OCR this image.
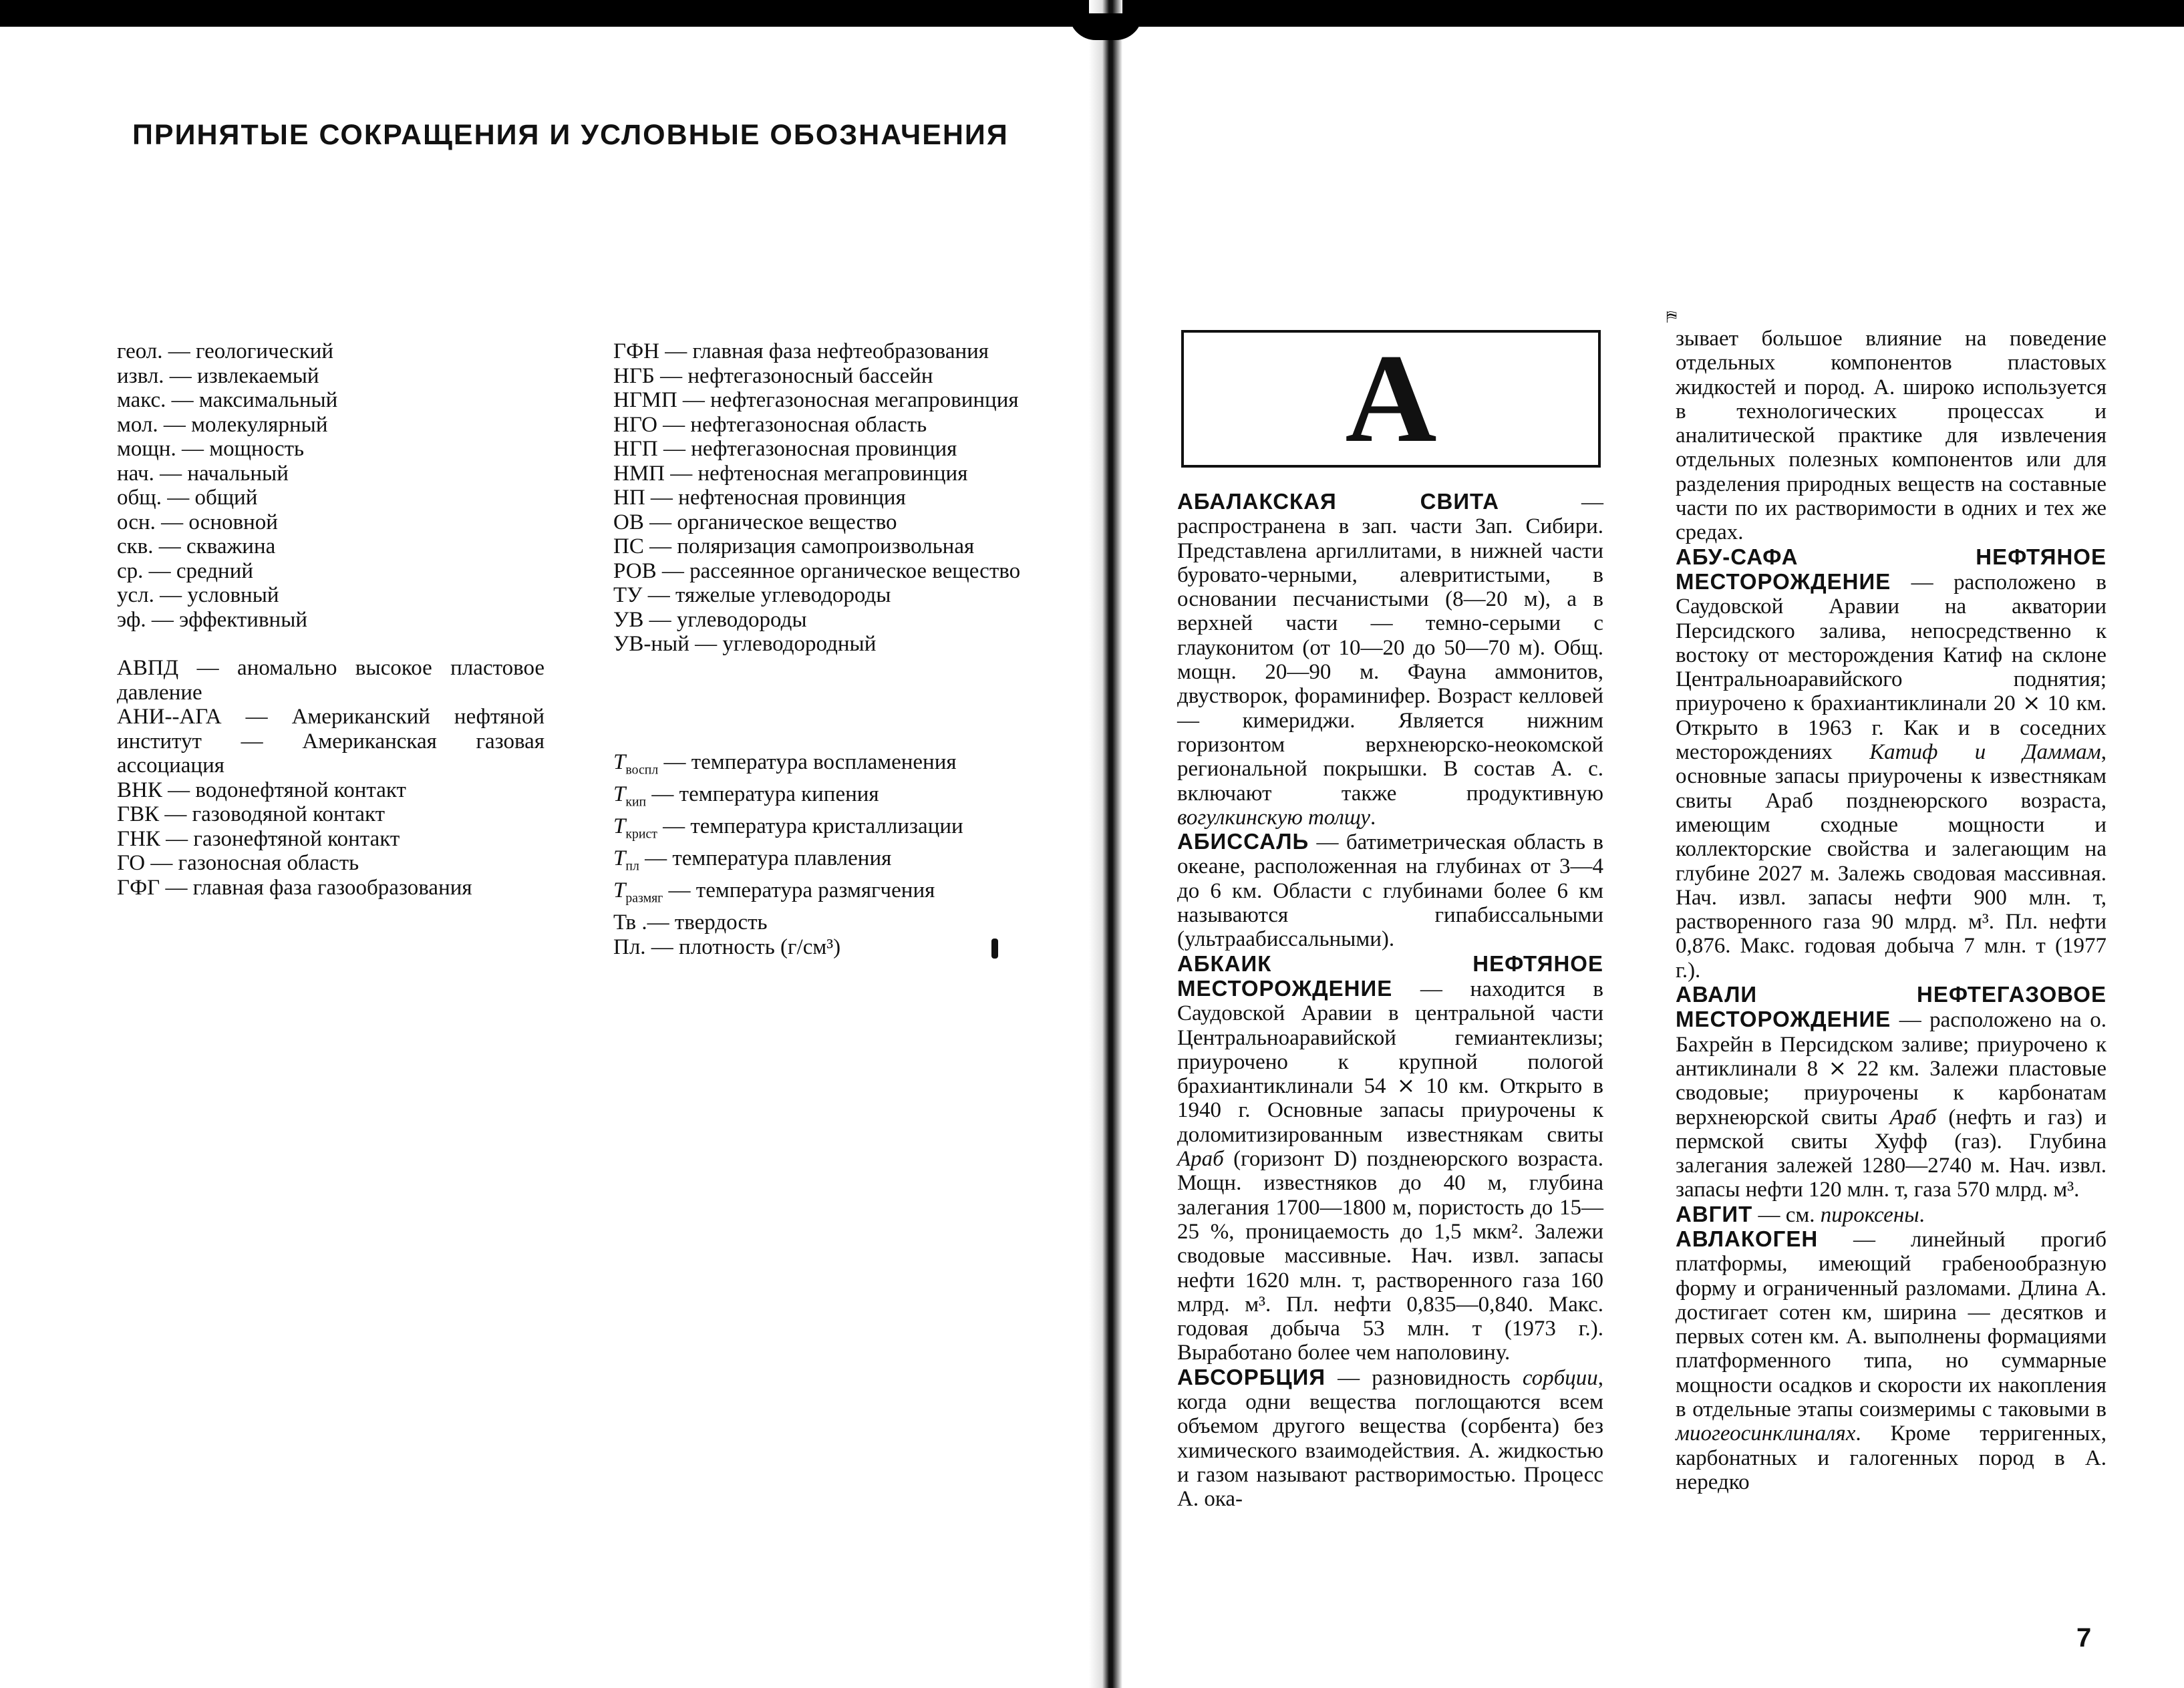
ПРИНЯТЫЕ СОКРАЩЕНИЯ И УСЛОВНЫЕ ОБОЗНАЧЕНИЯ
геол. — геологический
извл. — извлекаемый
макс. — максимальный
мол. — молекулярный
мощн. — мощность
нач. — начальный
общ. — общий
осн. — основной
скв. — скважина
ср. — средний
усл. — условный
эф. — эффективный
АВПД — аномально высокое пластовое давление
АНИ--АГА — Американский нефтяной институт — Американская газовая ассоциация
ВНК — водонефтяной контакт
ГВК — газоводяной контакт
ГНК — газонефтяной контакт
ГО — газоносная область
ГФГ — главная фаза газообразования
ГФН — главная фаза нефтеобразования
НГБ — нефтегазоносный бассейн
НГМП — нефтегазоносная мегапровинция
НГО — нефтегазоносная область
НГП — нефтегазоносная провинция
НМП — нефтеносная мегапровинция
НП — нефтеносная провинция
ОВ — органическое вещество
ПС — поляризация самопроизвольная
РОВ — рассеянное органическое вещество
ТУ — тяжелые углеводороды
УВ — углеводороды
УВ-ный — углеводородный
$T_{воспл}$ — температура воспламенения
$T_{кип}$ — температура кипения
$T_{крист}$ — температура кристаллизации
$T_{пл}$ — температура плавления
$T_{размяг}$ — температура размягчения
Тв .— твердость
Пл. — плотность (г/см³)
А
⛿

АБАЛАКСКАЯ СВИТА — распространена в зап. части Зап. Сибири. Представлена аргиллитами, в нижней части буровато-черными, алевритистыми, в основании песчанистыми (8—20 м), а в верхней части — темно-серыми с глауконитом (от 10—20 до 50—70 м). Общ. мощн. 20—90 м. Фауна аммонитов, двустворок, фораминифер. Возраст келловей — кимериджи. Является нижним горизонтом верхнеюрско-неокомской региональной покрышки. В состав А. с. включают также продуктивную вогулкинскую толщу.

АБИССАЛЬ — батиметрическая область в океане, расположенная на глубинах от 3—4 до 6 км. Области с глубинами более 6 км называются гипабиссальными (ультраабиссальными).

АБКАИК НЕФТЯНОЕ МЕСТОРОЖДЕНИЕ — находится в Саудовской Аравии в центральной части Центральноаравийской гемиантеклизы; приурочено к крупной пологой брахиантиклинали 54 ⨯ 10 км. Открыто в 1940 г. Основные запасы приурочены к доломитизированным известнякам свиты Араб (горизонт D) позднеюрского возраста. Мощн. известняков до 40 м, глубина залегания 1700—1800 м, пористость до 15—25 %, проницаемость до 1,5 мкм². Залежи сводовые массивные. Нач. извл. запасы нефти 1620 млн. т, растворенного газа 160 млрд. м³. Пл. нефти 0,835—0,840. Макс. годовая добыча 53 млн. т (1973 г.). Выработано более чем наполовину.

АБСОРБЦИЯ — разновидность сорбции, когда одни вещества поглощаются всем объемом другого вещества (сорбента) без химического взаимодействия. А. жидкостью и газом называют растворимостью. Процесс А. ока-

зывает большое влияние на поведение отдельных компонентов пластовых жидкостей и пород. А. широко используется в технологических процессах и аналитической практике для извлечения отдельных полезных компонентов или для разделения природных веществ на составные части по их растворимости в одних и тех же средах.

АБУ-САФА НЕФТЯНОЕ МЕСТОРОЖДЕНИЕ — расположено в Саудовской Аравии на акватории Персидского залива, непосредственно к востоку от месторождения Катиф на склоне Центральноаравийского поднятия; приурочено к брахиантиклинали 20 ⨯ 10 км. Открыто в 1963 г. Как и в соседних месторождениях Катиф и Даммам, основные запасы приурочены к известнякам свиты Араб позднеюрского возраста, имеющим сходные мощности и коллекторские свойства и залегающим на глубине 2027 м. Залежь сводовая массивная. Нач. извл. запасы нефти 900 млн. т, растворенного газа 90 млрд. м³. Пл. нефти 0,876. Макс. годовая добыча 7 млн. т (1977 г.).

АВАЛИ НЕФТЕГАЗОВОЕ МЕСТОРОЖДЕНИЕ — расположено на о. Бахрейн в Персидском заливе; приурочено к антиклинали 8 ⨯ 22 км. Залежи пластовые сводовые; приурочены к карбонатам верхнеюрской свиты Араб (нефть и газ) и пермской свиты Хуфф (газ). Глубина залегания залежей 1280—2740 м. Нач. извл. запасы нефти 120 млн. т, газа 570 млрд. м³.

АВГИТ — см. пироксены.

АВЛАКОГЕН — линейный прогиб платформы, имеющий грабенообразную форму и ограниченный разломами. Длина А. достигает сотен км, ширина — десятков и первых сотен км. А. выполнены формациями платформенного типа, но суммарные мощности осадков и скорости их накопления в отдельные этапы соизмеримы с таковыми в миогеосинклиналях. Кроме терригенных, карбонатных и галогенных пород в А. нередко

7
